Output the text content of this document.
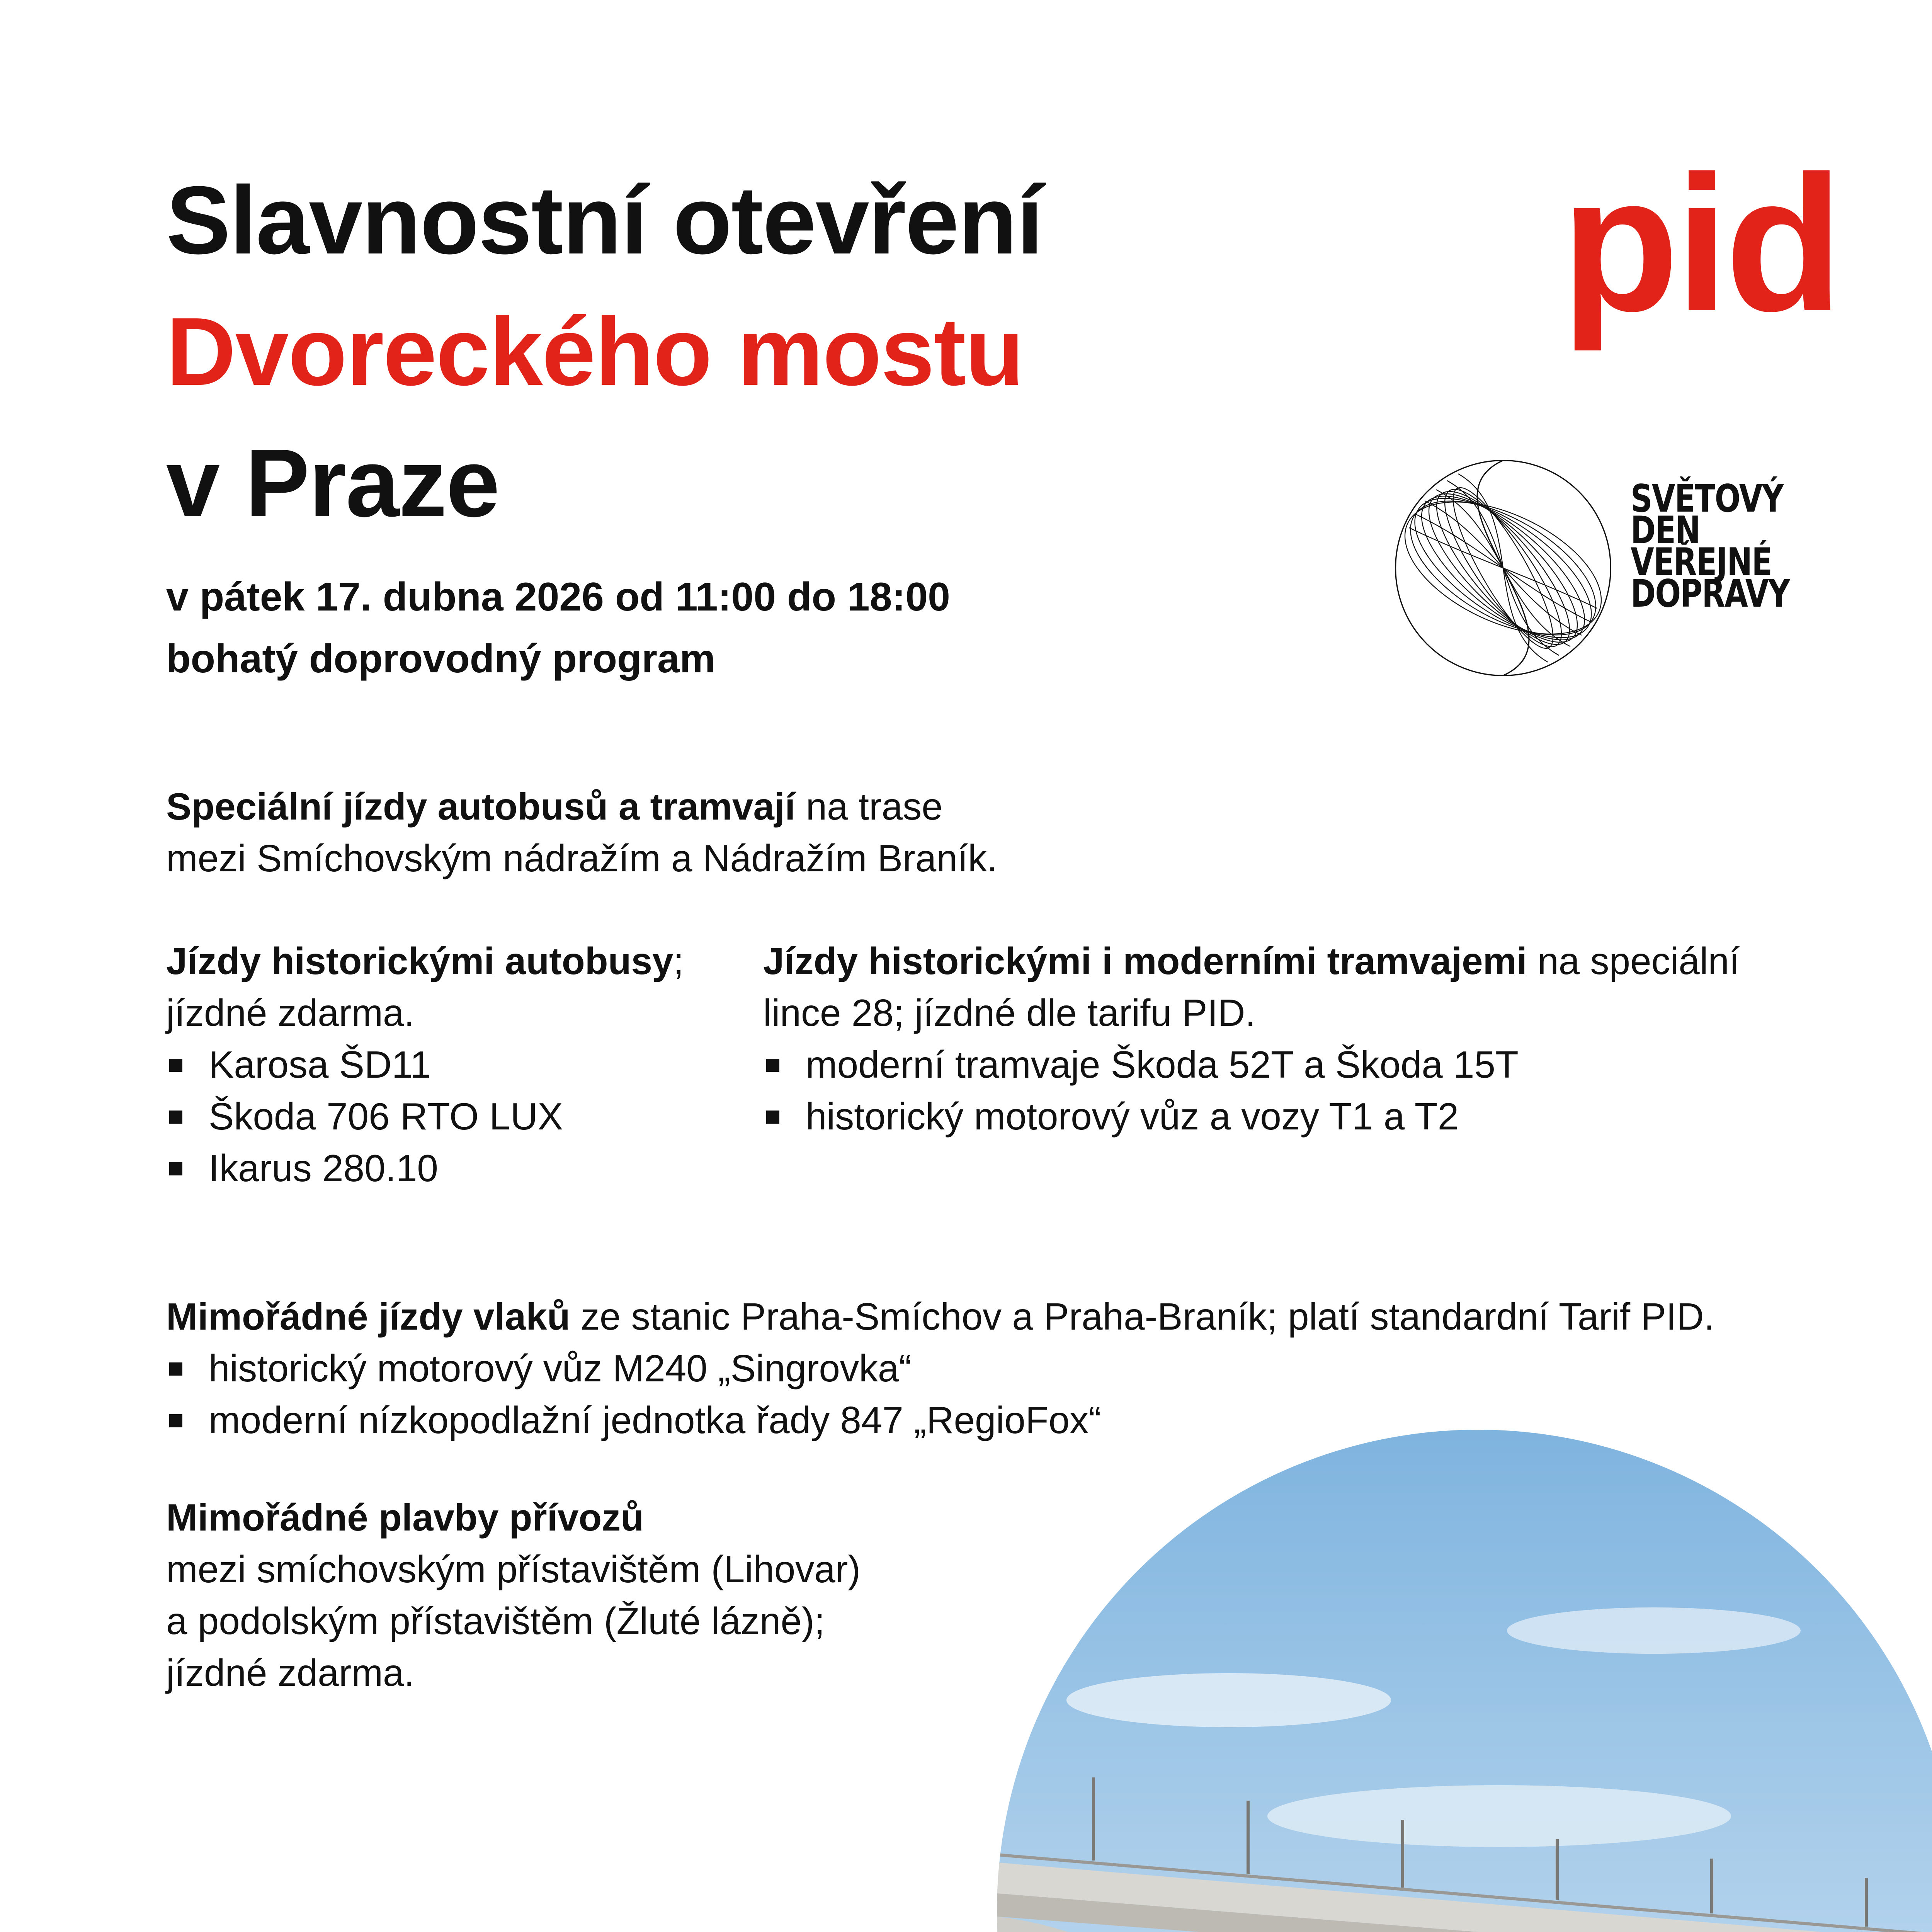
Slavnostní otevření
Dvoreckého mostu
v Praze
v pátek 17. dubna 2026 od 11:00 do 18:00
bohatý doprovodný program
pid
SVĚTOVÝ
DEN
VEŘEJNÉ
DOPRAVY
Speciální jízdy autobusů a tramvají na trase
mezi Smíchovským nádražím a Nádražím Braník.
Jízdy historickými autobusy;
jízdné zdarma.
Karosa ŠD11
Škoda 706 RTO LUX
Ikarus 280.10
Jízdy historickými i moderními tramvajemi na speciální
lince 28; jízdné dle tarifu PID.
moderní tramvaje Škoda 52T a Škoda 15T
historický motorový vůz a vozy T1 a T2
Mimořádné jízdy vlaků ze stanic Praha-Smíchov a Praha-Braník; platí standardní Tarif PID.
historický motorový vůz M240 „Singrovka“
moderní nízkopodlažní jednotka řady 847 „RegioFox“
Mimořádné plavby přívozů
mezi smíchovským přístavištěm (Lihovar)
a podolským přístavištěm (Žluté lázně);
jízdné zdarma.
